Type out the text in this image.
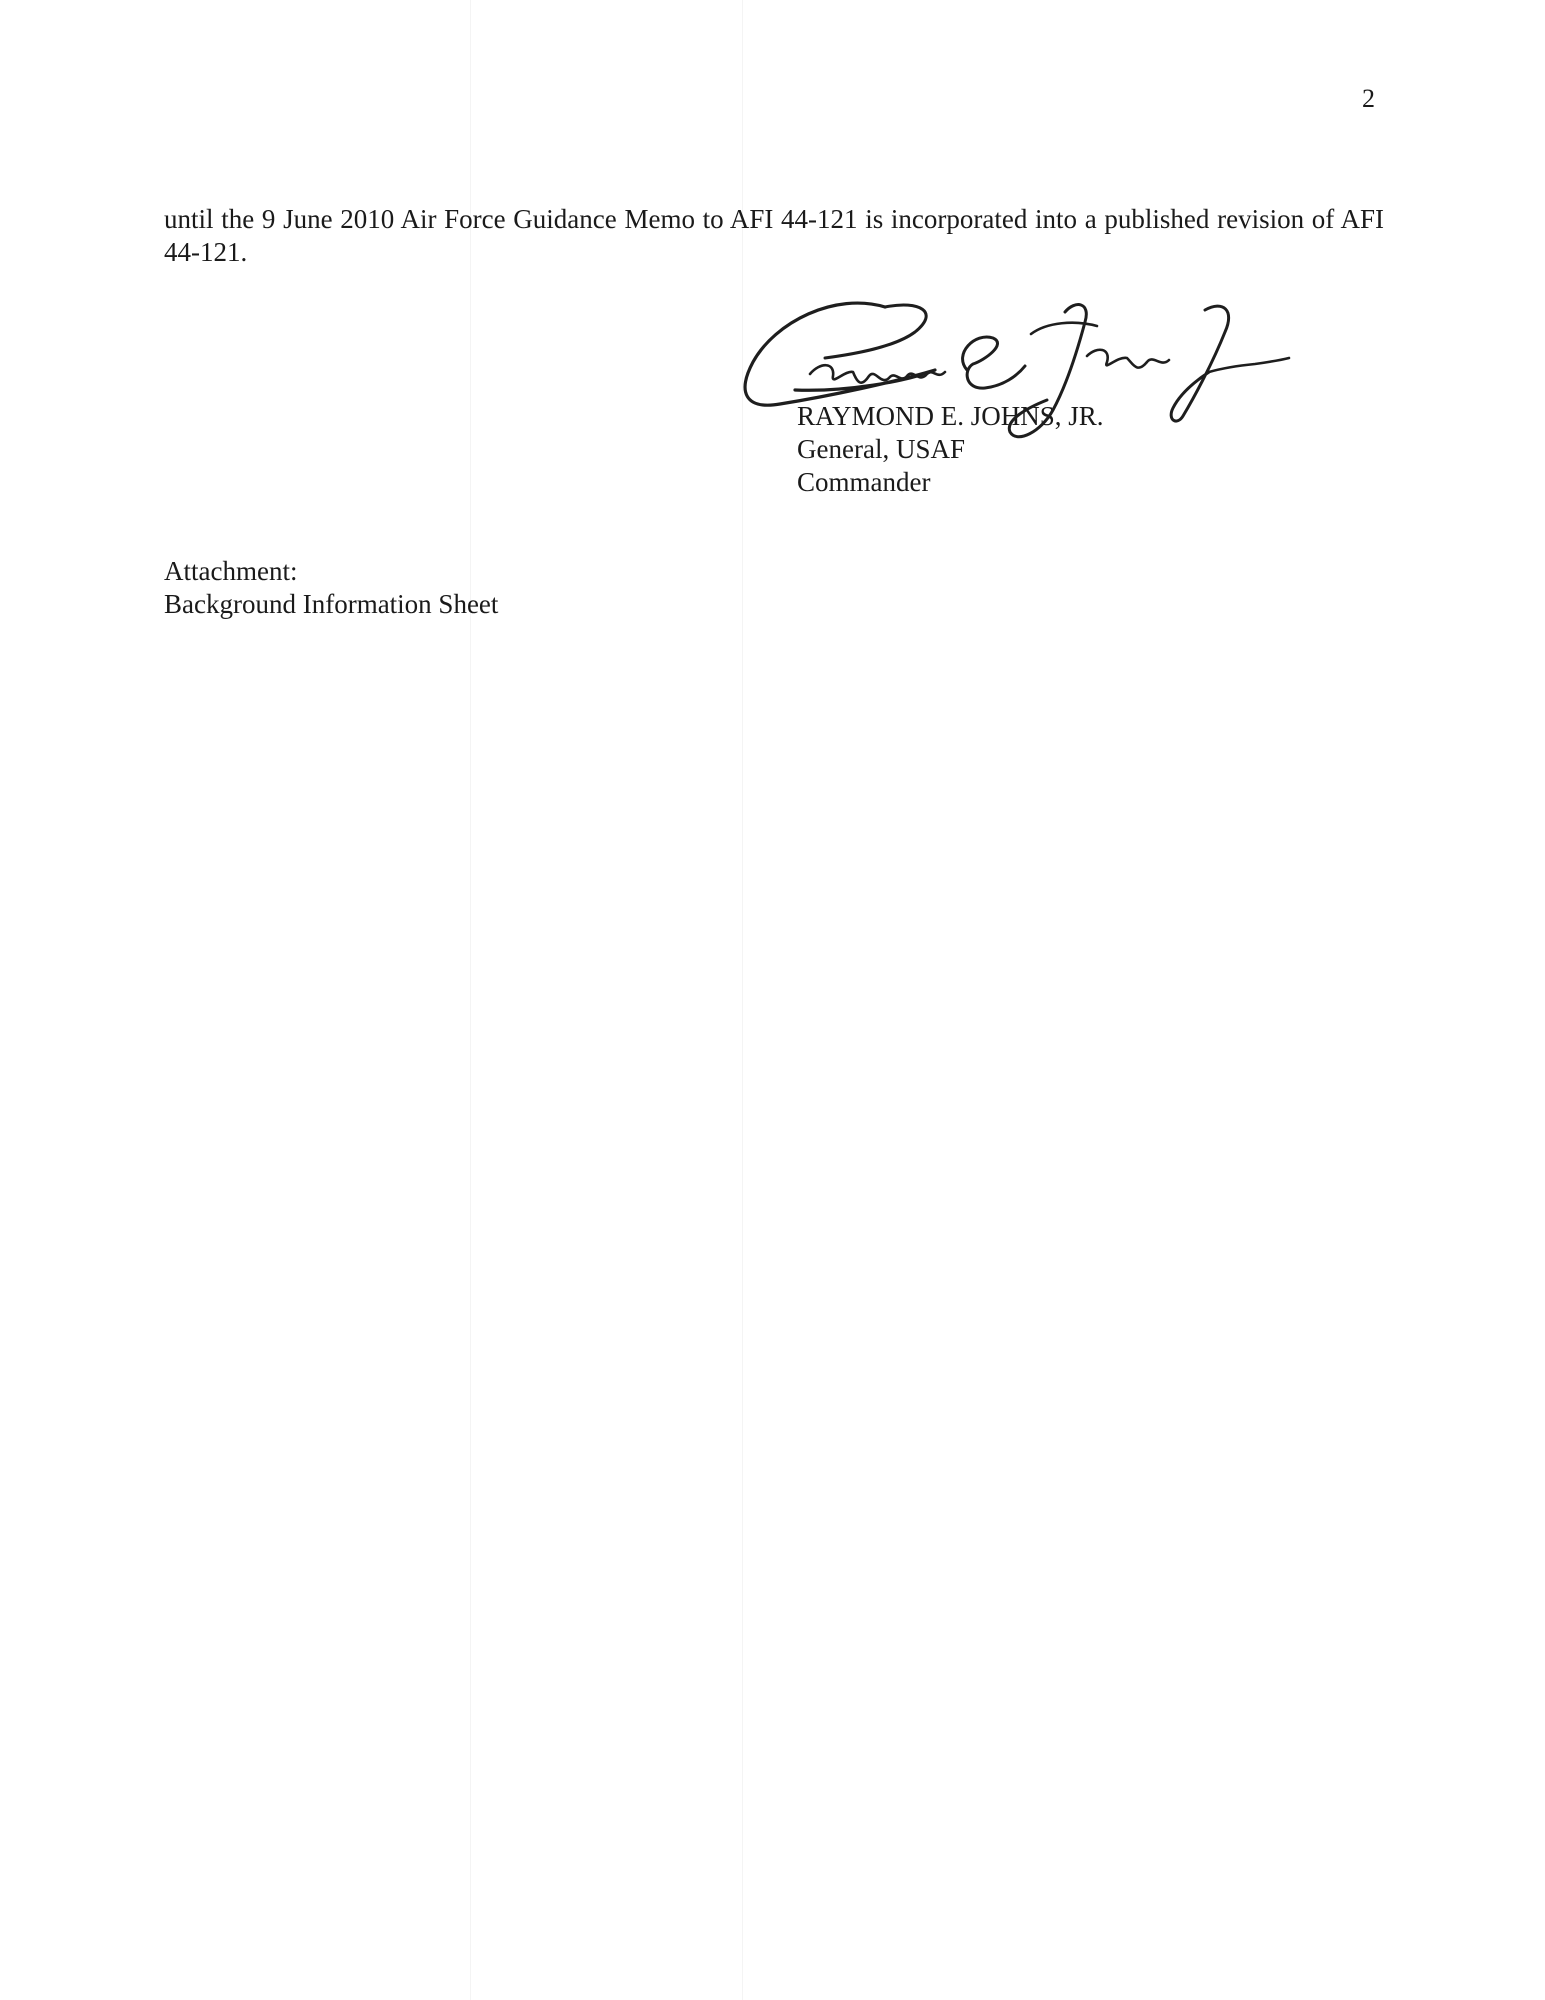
2

until the 9 June 2010 Air Force Guidance Memo to AFI 44-121 is incorporated into a published revision of AFI 44-121.

RAYMOND E. JOHNS, JR.
General, USAF
Commander
Attachment:
Background Information Sheet
